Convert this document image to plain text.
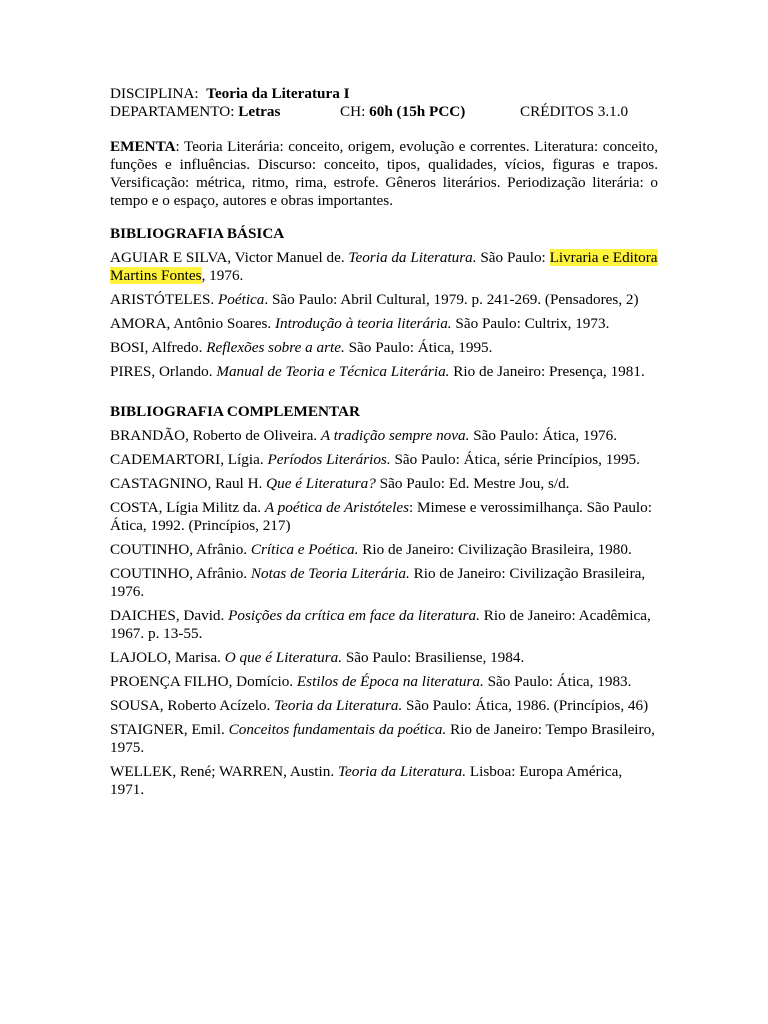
DISCIPLINA: Teoria da Literatura I
DEPARTAMENTO: Letras	CH: 60h (15h PCC)	CRÉDITOS 3.1.0
EMENTA: Teoria Literária: conceito, origem, evolução e correntes. Literatura: conceito, funções e influências. Discurso: conceito, tipos, qualidades, vícios, figuras e trapos. Versificação: métrica, ritmo, rima, estrofe. Gêneros literários. Periodização literária: o tempo e o espaço, autores e obras importantes.
BIBLIOGRAFIA BÁSICA
AGUIAR E SILVA, Victor Manuel de. Teoria da Literatura. São Paulo: Livraria e Editora Martins Fontes, 1976.
ARISTÓTELES. Poética. São Paulo: Abril Cultural, 1979. p. 241-269. (Pensadores, 2)
AMORA, Antônio Soares. Introdução à teoria literária. São Paulo: Cultrix, 1973.
BOSI, Alfredo. Reflexões sobre a arte. São Paulo: Ática, 1995.
PIRES, Orlando. Manual de Teoria e Técnica Literária. Rio de Janeiro: Presença, 1981.
BIBLIOGRAFIA COMPLEMENTAR
BRANDÃO, Roberto de Oliveira. A tradição sempre nova. São Paulo: Ática, 1976.
CADEMARTORI, Lígia. Períodos Literários. São Paulo: Ática, série Princípios, 1995.
CASTAGNINO, Raul H. Que é Literatura? São Paulo: Ed. Mestre Jou, s/d.
COSTA, Lígia Militz da. A poética de Aristóteles: Mimese e verossimilhança. São Paulo: Ática, 1992. (Princípios, 217)
COUTINHO, Afrânio. Crítica e Poética. Rio de Janeiro: Civilização Brasileira, 1980.
COUTINHO, Afrânio. Notas de Teoria Literária. Rio de Janeiro: Civilização Brasileira, 1976.
DAICHES, David. Posições da crítica em face da literatura. Rio de Janeiro: Acadêmica, 1967. p. 13-55.
LAJOLO, Marisa. O que é Literatura. São Paulo: Brasiliense, 1984.
PROENÇA FILHO, Domício. Estilos de Época na literatura. São Paulo: Ática, 1983.
SOUSA, Roberto Acízelo. Teoria da Literatura. São Paulo: Ática, 1986. (Princípios, 46)
STAIGNER, Emil. Conceitos fundamentais da poética. Rio de Janeiro: Tempo Brasileiro, 1975.
WELLEK, René; WARREN, Austin. Teoria da Literatura. Lisboa: Europa América, 1971.
